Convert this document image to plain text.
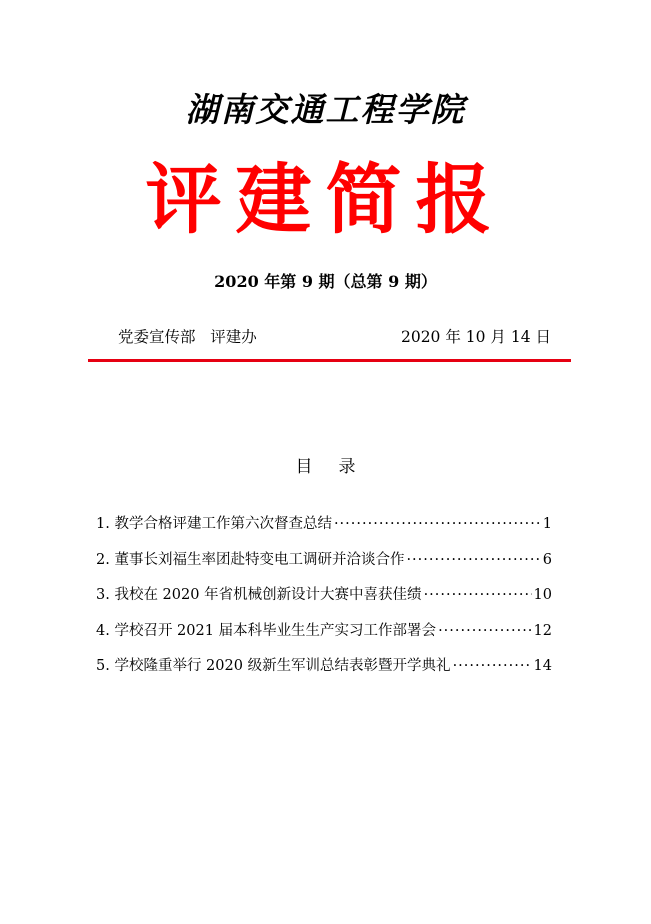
湖南交通工程学院
评建简报
2020 年第 9 期（总第 9 期）
党委宣传部   评建办	2020 年 10 月 14 日
目录
1. 教学合格评建工作第六次督查总结 ·····	1
2. 董事长刘福生率团赴特变电工调研并洽谈合作 ·····	6
3. 我校在 2020 年省机械创新设计大赛中喜获佳绩 ·····	10
4. 学校召开 2021 届本科毕业生生产实习工作部署会 ·····	12
5. 学校隆重举行 2020 级新生军训总结表彰暨开学典礼 ·····	14
